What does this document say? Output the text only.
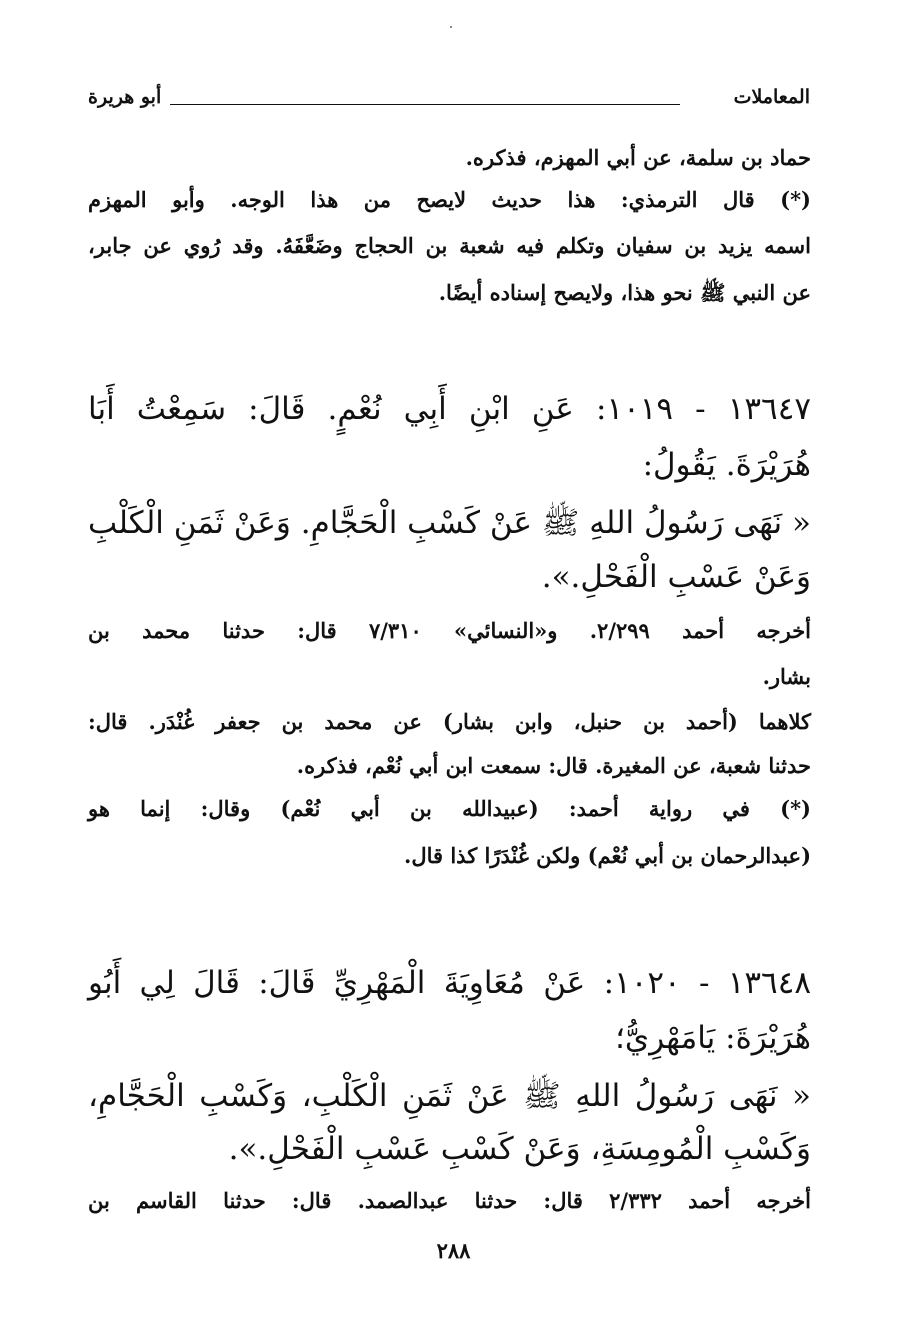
المعاملات
أبو هريرة
حماد بن سلمة، عن أبي المهزم، فذكره.
(*) قال الترمذي: هذا حديث لايصح من هذا الوجه. وأبو المهزم
اسمه يزيد بن سفيان وتكلم فيه شعبة بن الحجاج وضَعَّفَهُ. وقد رُوي عن جابر،
عن النبي ﷺ نحو هذا، ولايصح إسناده أيضًا.
١٣٦٤٧ - ١٠١٩: عَنِ ابْنِ أَبِي نُعْمٍ. قَالَ: سَمِعْتُ أَبَا
هُرَيْرَةَ. يَقُولُ:
« نَهَى رَسُولُ اللهِ ﷺ عَنْ كَسْبِ الْحَجَّامِ. وَعَنْ ثَمَنِ الْكَلْبِ
وَعَنْ عَسْبِ الْفَحْلِ.».
أخرجه أحمد ٢/٢٩٩. و«النسائي» ٧/٣١٠ قال: حدثنا محمد بن
بشار.
كلاهما (أحمد بن حنبل، وابن بشار) عن محمد بن جعفر غُنْدَر. قال:
حدثنا شعبة، عن المغيرة. قال: سمعت ابن أبي نُعْم، فذكره.
(*) في رواية أحمد: (عبيدالله بن أبي نُعْم) وقال: إنما هو
(عبدالرحمان بن أبي نُعْم) ولكن غُنْدَرًا كذا قال.
١٣٦٤٨ - ١٠٢٠: عَنْ مُعَاوِيَةَ الْمَهْرِيِّ قَالَ: قَالَ لِي أَبُو
هُرَيْرَةَ: يَامَهْرِيُّ؛
« نَهَى رَسُولُ اللهِ ﷺ عَنْ ثَمَنِ الْكَلْبِ، وَكَسْبِ الْحَجَّامِ،
وَكَسْبِ الْمُومِسَةِ، وَعَنْ كَسْبِ عَسْبِ الْفَحْلِ.».
أخرجه أحمد ٢/٣٣٢ قال: حدثنا عبدالصمد. قال: حدثنا القاسم بن
٢٨٨
